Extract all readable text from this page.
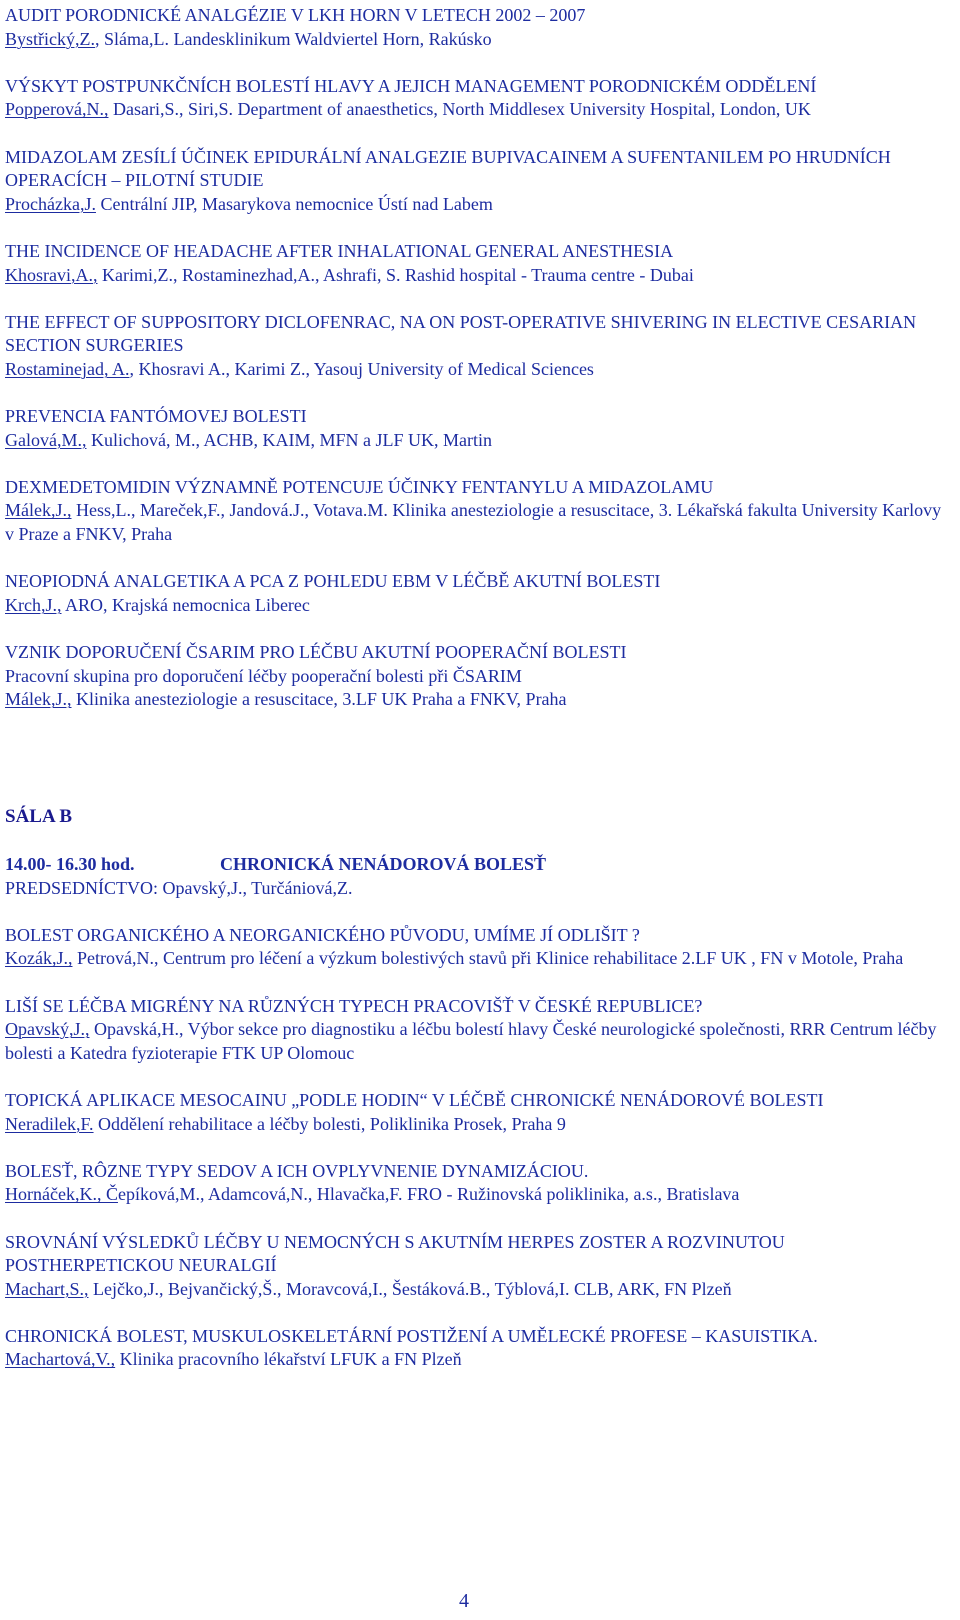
AUDIT PORODNICKÉ ANALGÉZIE V LKH HORN V LETECH 2002 – 2007

Bystřický,Z., Sláma,L. Landesklinikum Waldviertel Horn, Rakúsko

VÝSKYT POSTPUNKČNÍCH BOLESTÍ HLAVY A JEJICH MANAGEMENT PORODNICKÉM ODDĚLENÍ

Popperová,N., Dasari,S., Siri,S. Department of anaesthetics, North Middlesex University Hospital, London, UK

MIDAZOLAM ZESÍLÍ ÚČINEK EPIDURÁLNÍ ANALGEZIE BUPIVACAINEM A SUFENTANILEM PO HRUDNÍCH OPERACÍCH – PILOTNÍ STUDIE

Procházka,J. Centrální JIP, Masarykova nemocnice Ústí nad Labem

THE INCIDENCE OF HEADACHE AFTER INHALATIONAL GENERAL ANESTHESIA

Khosravi,A., Karimi,Z., Rostaminezhad,A., Ashrafi, S. Rashid hospital - Trauma centre - Dubai

THE EFFECT OF SUPPOSITORY DICLOFENRAC, NA ON POST-OPERATIVE SHIVERING IN ELECTIVE CESARIAN SECTION SURGERIES

Rostaminejad, A., Khosravi A., Karimi Z., Yasouj University of Medical Sciences

PREVENCIA FANTÓMOVEJ BOLESTI

Galová,M., Kulichová, M., ACHB, KAIM, MFN a JLF UK, Martin

DEXMEDETOMIDIN VÝZNAMNĚ POTENCUJE ÚČINKY FENTANYLU A MIDAZOLAMU

Málek,J., Hess,L., Mareček,F., Jandová.J., Votava.M. Klinika anesteziologie a resuscitace, 3. Lékařská fakulta University Karlovy v Praze a FNKV, Praha

NEOPIODNÁ ANALGETIKA A PCA Z POHLEDU EBM V LÉČBĚ AKUTNÍ BOLESTI

Krch,J., ARO, Krajská nemocnica Liberec

VZNIK DOPORUČENÍ ČSARIM PRO LÉČBU AKUTNÍ POOPERAČNÍ BOLESTI

Pracovní skupina pro doporučení léčby pooperační bolesti při ČSARIM

Málek,J., Klinika anesteziologie a resuscitace, 3.LF UK Praha a FNKV, Praha

SÁLA B

14.00- 16.30 hod.	CHRONICKÁ NENÁDOROVÁ BOLESŤ

PREDSEDNÍCTVO: Opavský,J., Turčániová,Z.

BOLEST ORGANICKÉHO A NEORGANICKÉHO PŮVODU, UMÍME JÍ ODLIŠIT ?

Kozák,J., Petrová,N., Centrum pro léčení a výzkum bolestivých stavů při Klinice rehabilitace 2.LF UK , FN v Motole, Praha

LIŠÍ SE LÉČBA MIGRÉNY NA RŮZNÝCH TYPECH PRACOVIŠŤ V ČESKÉ REPUBLICE?

Opavský,J., Opavská,H., Výbor sekce pro diagnostiku a léčbu bolestí hlavy České neurologické společnosti, RRR Centrum léčby bolesti a Katedra fyzioterapie FTK UP Olomouc

TOPICKÁ APLIKACE MESOCAINU „PODLE HODIN“ V LÉČBĚ CHRONICKÉ NENÁDOROVÉ BOLESTI

Neradilek,F. Oddělení rehabilitace a léčby bolesti, Poliklinika Prosek, Praha 9

BOLESŤ, RÔZNE TYPY SEDOV A ICH OVPLYVNENIE DYNAMIZÁCIOU.

Hornáček,K., Čepíková,M., Adamcová,N., Hlavačka,F. FRO - Ružinovská poliklinika, a.s., Bratislava

SROVNÁNÍ VÝSLEDKŮ LÉČBY U NEMOCNÝCH S AKUTNÍM HERPES ZOSTER A ROZVINUTOU POSTHERPETICKOU NEURALGIÍ

Machart,S., Lejčko,J., Bejvančický,Š., Moravcová,I., Šestáková.B., Týblová,I. CLB, ARK, FN Plzeň

CHRONICKÁ BOLEST, MUSKULOSKELETÁRNÍ POSTIŽENÍ A UMĚLECKÉ PROFESE – KASUISTIKA.

Machartová,V., Klinika pracovního lékařství LFUK a FN Plzeň

4
